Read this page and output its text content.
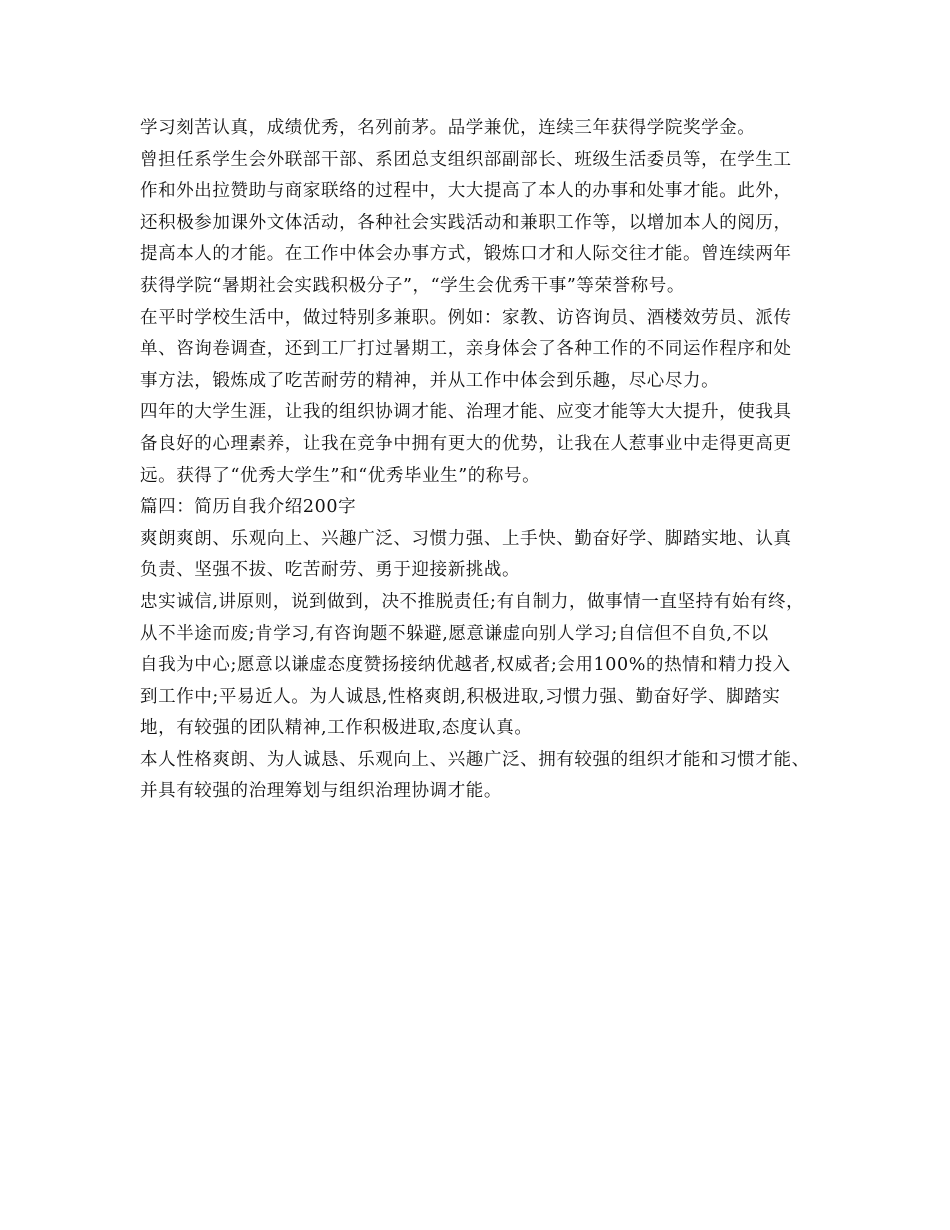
学习刻苦认真，成绩优秀，名列前茅。品学兼优，连续三年获得学院奖学金。
曾担任系学生会外联部干部、系团总支组织部副部长、班级生活委员等，在学生工
作和外出拉赞助与商家联络的过程中，大大提高了本人的办事和处事才能。此外，
还积极参加课外文体活动，各种社会实践活动和兼职工作等，以增加本人的阅历，
提高本人的才能。在工作中体会办事方式，锻炼口才和人际交往才能。曾连续两年
获得学院“暑期社会实践积极分子”，“学生会优秀干事”等荣誉称号。
在平时学校生活中，做过特别多兼职。例如：家教、访咨询员、酒楼效劳员、派传
单、咨询卷调查，还到工厂打过暑期工，亲身体会了各种工作的不同运作程序和处
事方法，锻炼成了吃苦耐劳的精神，并从工作中体会到乐趣，尽心尽力。
四年的大学生涯，让我的组织协调才能、治理才能、应变才能等大大提升，使我具
备良好的心理素养，让我在竞争中拥有更大的优势，让我在人惹事业中走得更高更
远。获得了“优秀大学生”和“优秀毕业生”的称号。
篇四：简历自我介绍200字
爽朗爽朗、乐观向上、兴趣广泛、习惯力强、上手快、勤奋好学、脚踏实地、认真
负责、坚强不拔、吃苦耐劳、勇于迎接新挑战。
忠实诚信,讲原则，说到做到，决不推脱责任;有自制力，做事情一直坚持有始有终，
从不半途而废;肯学习,有咨询题不躲避,愿意谦虚向别人学习;自信但不自负,不以
自我为中心;愿意以谦虚态度赞扬接纳优越者,权威者;会用100%的热情和精力投入
到工作中;平易近人。为人诚恳,性格爽朗,积极进取,习惯力强、勤奋好学、脚踏实
地，有较强的团队精神,工作积极进取,态度认真。
本人性格爽朗、为人诚恳、乐观向上、兴趣广泛、拥有较强的组织才能和习惯才能、
并具有较强的治理筹划与组织治理协调才能。
